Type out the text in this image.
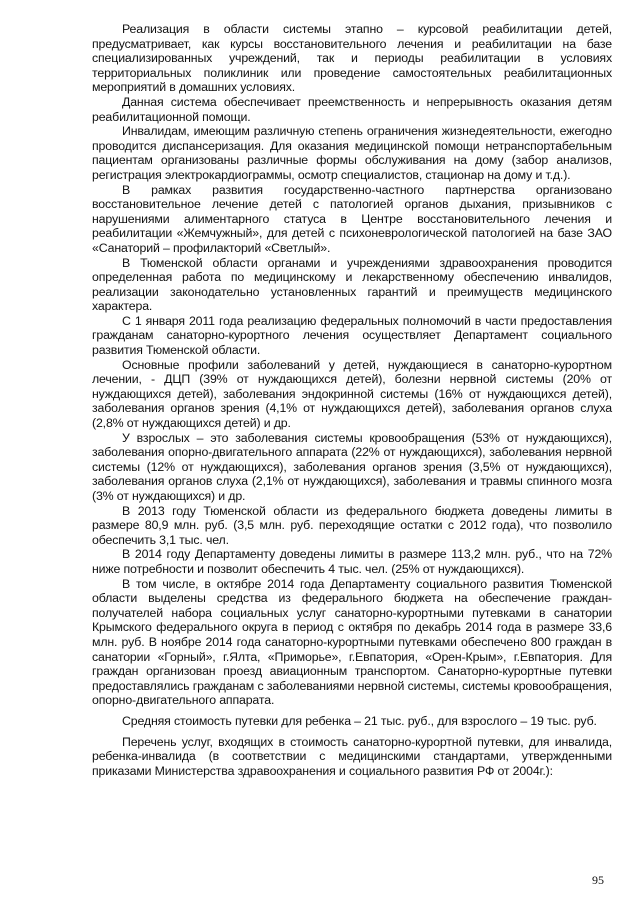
Реализация в области системы этапно – курсовой реабилитации детей, предусматривает, как курсы восстановительного лечения и реабилитации на базе специализированных учреждений, так и периоды реабилитации в условиях территориальных поликлиник или проведение самостоятельных реабилитационных мероприятий в домашних условиях.

Данная система обеспечивает преемственность и непрерывность оказания детям реабилитационной помощи.

Инвалидам, имеющим различную степень ограничения жизнедеятельности, ежегодно проводится диспансеризация. Для оказания медицинской помощи нетранспортабельным пациентам организованы различные формы обслуживания на дому (забор анализов, регистрация электрокардиограммы, осмотр специалистов, стационар на дому и т.д.).

В рамках развития государственно-частного партнерства организовано восстановительное лечение детей с патологией органов дыхания, призывников с нарушениями алиментарного статуса в Центре восстановительного лечения и реабилитации «Жемчужный», для детей с психоневрологической патологией на базе ЗАО «Санаторий – профилакторий «Светлый».

В Тюменской области органами и учреждениями здравоохранения проводится определенная работа по медицинскому и лекарственному обеспечению инвалидов, реализации законодательно установленных гарантий и преимуществ медицинского характера.

С 1 января 2011 года реализацию федеральных полномочий в части предоставления гражданам санаторно-курортного лечения осуществляет Департамент социального развития Тюменской области.

Основные профили заболеваний у детей, нуждающиеся в санаторно-курортном лечении, - ДЦП (39% от нуждающихся детей), болезни нервной системы (20% от нуждающихся детей), заболевания эндокринной системы (16% от нуждающихся детей), заболевания органов зрения (4,1% от нуждающихся детей), заболевания органов слуха (2,8% от нуждающихся детей) и др.

У взрослых – это заболевания системы кровообращения (53% от нуждающихся), заболевания опорно-двигательного аппарата (22% от нуждающихся), заболевания нервной системы (12% от нуждающихся), заболевания органов зрения (3,5% от нуждающихся), заболевания органов слуха (2,1% от нуждающихся), заболевания и травмы спинного мозга (3% от нуждающихся) и др.

В 2013 году Тюменской области из федерального бюджета доведены лимиты в размере 80,9 млн. руб. (3,5 млн. руб. переходящие остатки с 2012 года), что позволило обеспечить 3,1 тыс. чел.

В 2014 году Департаменту доведены лимиты в размере 113,2 млн. руб., что на 72% ниже потребности и позволит обеспечить 4 тыс. чел. (25% от нуждающихся).

В том числе, в октябре 2014 года Департаменту социального развития Тюменской области выделены средства из федерального бюджета на обеспечение граждан-получателей набора социальных услуг санаторно-курортными путевками в санатории Крымского федерального округа в период с октября по декабрь 2014 года в размере 33,6 млн. руб. В ноябре 2014 года санаторно-курортными путевками обеспечено 800 граждан в санатории «Горный», г.Ялта, «Приморье», г.Евпатория, «Орен-Крым», г.Евпатория. Для граждан организован проезд авиационным транспортом. Санаторно-курортные путевки предоставлялись гражданам с заболеваниями нервной системы, системы кровообращения, опорно-двигательного аппарата.

Средняя стоимость путевки для ребенка – 21 тыс. руб., для взрослого – 19 тыс. руб.

Перечень услуг, входящих в стоимость санаторно-курортной путевки, для инвалида, ребенка-инвалида (в соответствии с медицинскими стандартами, утвержденными приказами Министерства здравоохранения и социального развития РФ от 2004г.):

95
